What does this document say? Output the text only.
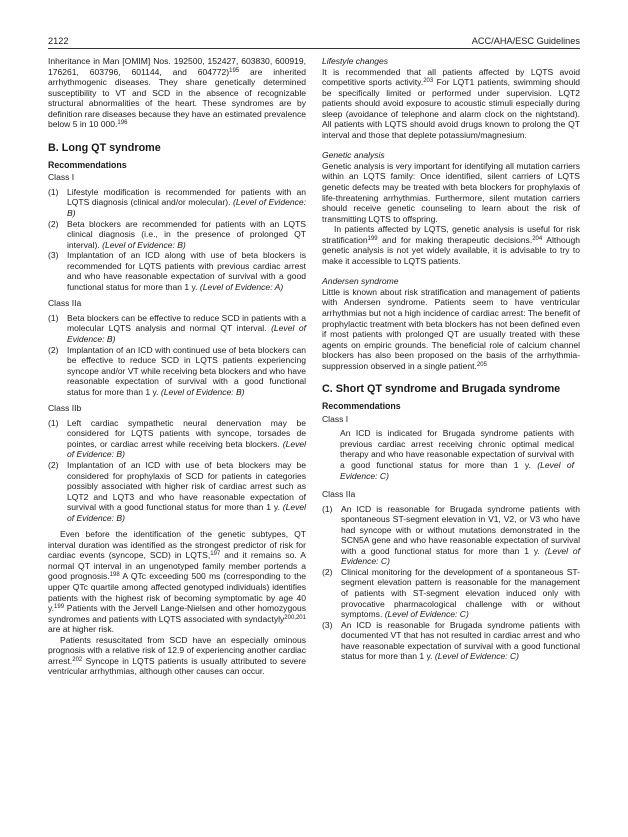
2122	ACC/AHA/ESC Guidelines

Inheritance in Man [OMIM] Nos. 192500, 152427, 603830, 600919, 176261, 603796, 601144, and 604772)$^{195}$ are inherited arrhythmogenic diseases. They share genetically determined susceptibility to VT and SCD in the absence of recognizable structural abnormalities of the heart. These syndromes are by definition rare diseases because they have an estimated prevalence below 5 in 10 000.$^{196}$

B. Long QT syndrome
Recommendations

Class I

(1) Lifestyle modification is recommended for patients with an LQTS diagnosis (clinical and/or molecular). (Level of Evidence: B)
(2) Beta blockers are recommended for patients with an LQTS clinical diagnosis (i.e., in the presence of prolonged QT interval). (Level of Evidence: B)
(3) Implantation of an ICD along with use of beta blockers is recommended for LQTS patients with previous cardiac arrest and who have reasonable expectation of survival with a good functional status for more than 1 y. (Level of Evidence: A)

Class IIa

(1) Beta blockers can be effective to reduce SCD in patients with a molecular LQTS analysis and normal QT interval. (Level of Evidence: B)
(2) Implantation of an ICD with continued use of beta blockers can be effective to reduce SCD in LQTS patients experiencing syncope and/or VT while receiving beta blockers and who have reasonable expectation of survival with a good functional status for more than 1 y. (Level of Evidence: B)

Class IIb

(1) Left cardiac sympathetic neural denervation may be considered for LQTS patients with syncope, torsades de pointes, or cardiac arrest while receiving beta blockers. (Level of Evidence: B)
(2) Implantation of an ICD with use of beta blockers may be considered for prophylaxis of SCD for patients in categories possibly associated with higher risk of cardiac arrest such as LQT2 and LQT3 and who have reasonable expectation of survival with a good functional status for more than 1 y. (Level of Evidence: B)

Even before the identification of the genetic subtypes, QT interval duration was identified as the strongest predictor of risk for cardiac events (syncope, SCD) in LQTS,$^{197}$ and it remains so. A normal QT interval in an ungenotyped family member portends a good prognosis.$^{198}$ A QTc exceeding 500 ms (corresponding to the upper QTc quartile among affected genotyped individuals) identifies patients with the highest risk of becoming symptomatic by age 40 y.$^{199}$ Patients with the Jervell Lange-Nielsen and other homozygous syndromes and patients with LQTS associated with syndactyly$^{200,201}$ are at higher risk.

Patients resuscitated from SCD have an especially ominous prognosis with a relative risk of 12.9 of experiencing another cardiac arrest.$^{202}$ Syncope in LQTS patients is usually attributed to severe ventricular arrhythmias, although other causes can occur.

Lifestyle changes

It is recommended that all patients affected by LQTS avoid competitive sports activity.$^{203}$ For LQT1 patients, swimming should be specifically limited or performed under supervision. LQT2 patients should avoid exposure to acoustic stimuli especially during sleep (avoidance of telephone and alarm clock on the nightstand). All patients with LQTS should avoid drugs known to prolong the QT interval and those that deplete potassium/magnesium.

Genetic analysis

Genetic analysis is very important for identifying all mutation carriers within an LQTS family: Once identified, silent carriers of LQTS genetic defects may be treated with beta blockers for prophylaxis of life-threatening arrhythmias. Furthermore, silent mutation carriers should receive genetic counseling to learn about the risk of transmitting LQTS to offspring.

In patients affected by LQTS, genetic analysis is useful for risk stratification$^{199}$ and for making therapeutic decisions.$^{204}$ Although genetic analysis is not yet widely available, it is advisable to try to make it accessible to LQTS patients.

Andersen syndrome

Little is known about risk stratification and management of patients with Andersen syndrome. Patients seem to have ventricular arrhythmias but not a high incidence of cardiac arrest: The benefit of prophylactic treatment with beta blockers has not been defined even if most patients with prolonged QT are usually treated with these agents on empiric grounds. The beneficial role of calcium channel blockers has also been proposed on the basis of the arrhythmia-suppression observed in a single patient.$^{205}$

C. Short QT syndrome and Brugada syndrome
Recommendations

Class I

An ICD is indicated for Brugada syndrome patients with previous cardiac arrest receiving chronic optimal medical therapy and who have reasonable expectation of survival with a good functional status for more than 1 y. (Level of Evidence: C)

Class IIa

(1) An ICD is reasonable for Brugada syndrome patients with spontaneous ST-segment elevation in V1, V2, or V3 who have had syncope with or without mutations demonstrated in the SCN5A gene and who have reasonable expectation of survival with a good functional status for more than 1 y. (Level of Evidence: C)
(2) Clinical monitoring for the development of a spontaneous ST-segment elevation pattern is reasonable for the management of patients with ST-segment elevation induced only with provocative pharmacological challenge with or without symptoms. (Level of Evidence: C)
(3) An ICD is reasonable for Brugada syndrome patients with documented VT that has not resulted in cardiac arrest and who have reasonable expectation of survival with a good functional status for more than 1 y. (Level of Evidence: C)
